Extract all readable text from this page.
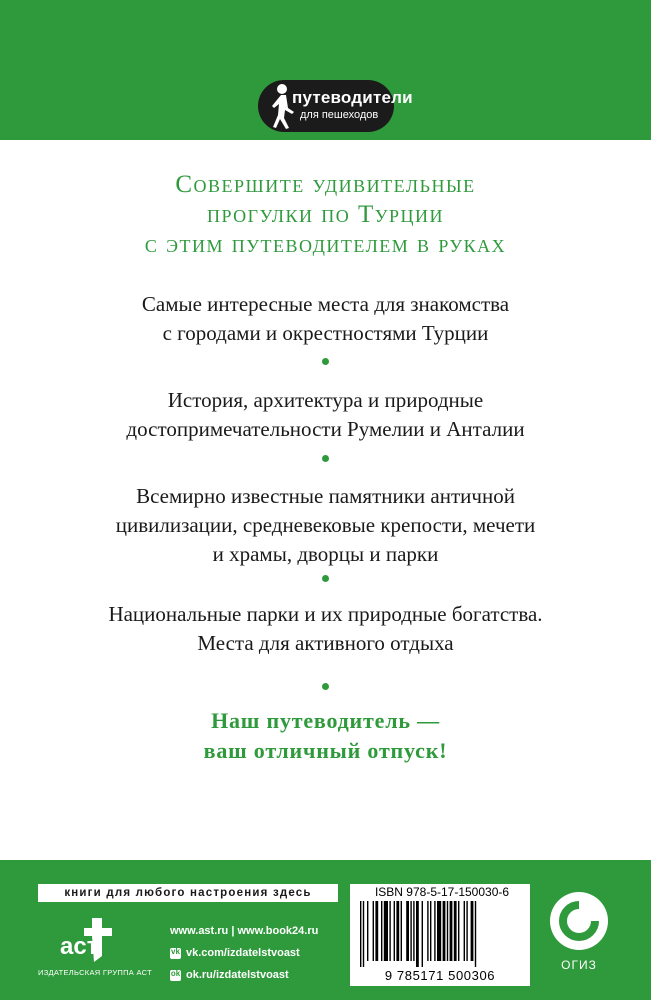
путеводители
для пешеходов
Совершите удивительные
прогулки по Турции
с этим путеводителем в руках
Самые интересные места для знакомства
с городами и окрестностями Турции
История, архитектура и природные
достопримечательности Румелии и Анталии
Всемирно известные памятники античной
цивилизации, средневековые крепости, мечети
и храмы, дворцы и парки
Национальные парки и их природные богатства.
Места для активного отдыха
Наш путеводитель —
ваш отличный отпуск!
книги для любого настроения здесь
аст
ИЗДАТЕЛЬСКАЯ ГРУППА АСТ
www.ast.ru | www.book24.ru
vk vk.com/izdatelstvoast
ok ok.ru/izdatelstvoast
ISBN 978-5-17-150030-6
9 785171 500306
ОГИЗ
